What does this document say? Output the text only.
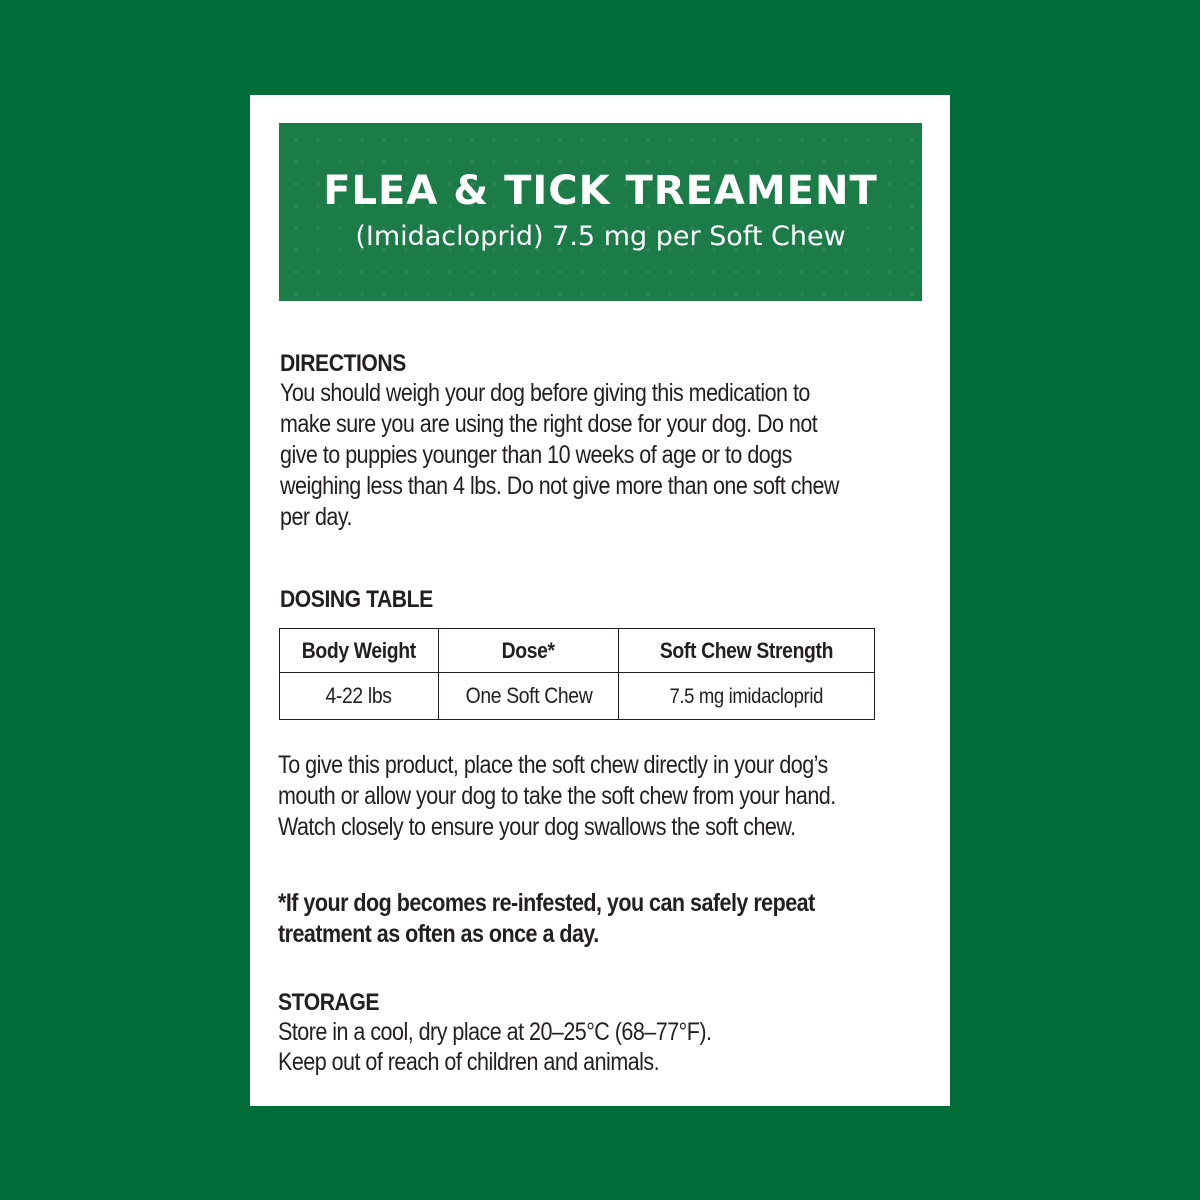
FLEA & TICK TREAMENT
(Imidacloprid) 7.5 mg per Soft Chew
DIRECTIONS

You should weigh your dog before giving this medication to
make sure you are using the right dose for your dog. Do not
give to puppies younger than 10 weeks of age or to dogs
weighing less than 4 lbs. Do not give more than one soft chew
per day.

DOSING TABLE
Body Weight	Dose*	Soft Chew Strength
4-22 lbs	One Soft Chew	7.5 mg imidacloprid

To give this product, place the soft chew directly in your dog’s
mouth or allow your dog to take the soft chew from your hand.
Watch closely to ensure your dog swallows the soft chew.

*If your dog becomes re-infested, you can safely repeat
treatment as often as once a day.

STORAGE

Store in a cool, dry place at 20–25°C (68–77°F).
Keep out of reach of children and animals.
